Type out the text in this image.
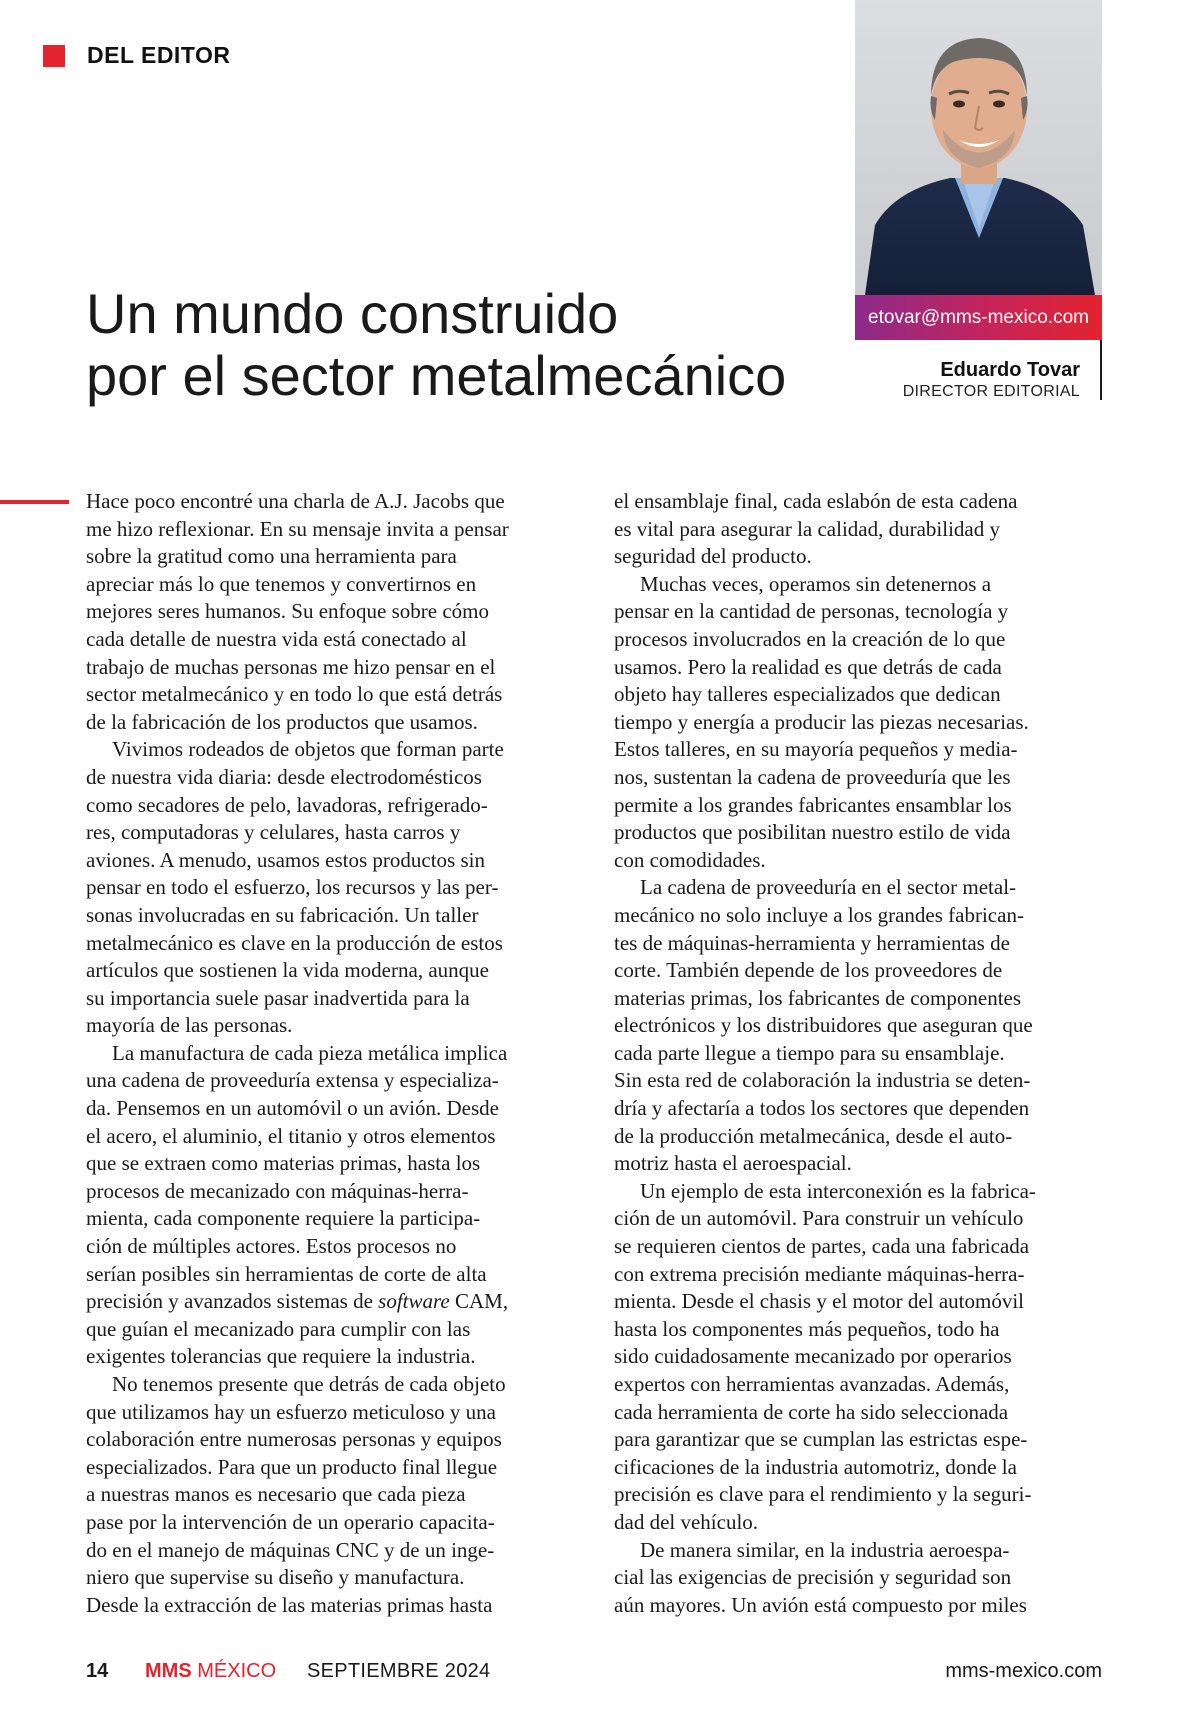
DEL EDITOR
Un mundo construido
por el sector metalmecánico
etovar@mms-mexico.com
Eduardo Tovar
DIRECTOR EDITORIAL

Hace poco encontré una charla de A.J. Jacobs que
me hizo reflexionar. En su mensaje invita a pensar
sobre la gratitud como una herramienta para
apreciar más lo que tenemos y convertirnos en
mejores seres humanos. Su enfoque sobre cómo
cada detalle de nuestra vida está conectado al
trabajo de muchas personas me hizo pensar en el
sector metalmecánico y en todo lo que está detrás
de la fabricación de los productos que usamos.

Vivimos rodeados de objetos que forman parte
de nuestra vida diaria: desde electrodomésticos
como secadores de pelo, lavadoras, refrigerado-
res, computadoras y celulares, hasta carros y
aviones. A menudo, usamos estos productos sin
pensar en todo el esfuerzo, los recursos y las per-
sonas involucradas en su fabricación. Un taller
metalmecánico es clave en la producción de estos
artículos que sostienen la vida moderna, aunque
su importancia suele pasar inadvertida para la
mayoría de las personas.

La manufactura de cada pieza metálica implica
una cadena de proveeduría extensa y especializa-
da. Pensemos en un automóvil o un avión. Desde
el acero, el aluminio, el titanio y otros elementos
que se extraen como materias primas, hasta los
procesos de mecanizado con máquinas-herra-
mienta, cada componente requiere la participa-
ción de múltiples actores. Estos procesos no
serían posibles sin herramientas de corte de alta
precisión y avanzados sistemas de software CAM,
que guían el mecanizado para cumplir con las
exigentes tolerancias que requiere la industria.

No tenemos presente que detrás de cada objeto
que utilizamos hay un esfuerzo meticuloso y una
colaboración entre numerosas personas y equipos
especializados. Para que un producto final llegue
a nuestras manos es necesario que cada pieza
pase por la intervención de un operario capacita-
do en el manejo de máquinas CNC y de un inge-
niero que supervise su diseño y manufactura.
Desde la extracción de las materias primas hasta

el ensamblaje final, cada eslabón de esta cadena
es vital para asegurar la calidad, durabilidad y
seguridad del producto.

Muchas veces, operamos sin detenernos a
pensar en la cantidad de personas, tecnología y
procesos involucrados en la creación de lo que
usamos. Pero la realidad es que detrás de cada
objeto hay talleres especializados que dedican
tiempo y energía a producir las piezas necesarias.
Estos talleres, en su mayoría pequeños y media-
nos, sustentan la cadena de proveeduría que les
permite a los grandes fabricantes ensamblar los
productos que posibilitan nuestro estilo de vida
con comodidades.

La cadena de proveeduría en el sector metal-
mecánico no solo incluye a los grandes fabrican-
tes de máquinas-herramienta y herramientas de
corte. También depende de los proveedores de
materias primas, los fabricantes de componentes
electrónicos y los distribuidores que aseguran que
cada parte llegue a tiempo para su ensamblaje.
Sin esta red de colaboración la industria se deten-
dría y afectaría a todos los sectores que dependen
de la producción metalmecánica, desde el auto-
motriz hasta el aeroespacial.

Un ejemplo de esta interconexión es la fabrica-
ción de un automóvil. Para construir un vehículo
se requieren cientos de partes, cada una fabricada
con extrema precisión mediante máquinas-herra-
mienta. Desde el chasis y el motor del automóvil
hasta los componentes más pequeños, todo ha
sido cuidadosamente mecanizado por operarios
expertos con herramientas avanzadas. Además,
cada herramienta de corte ha sido seleccionada
para garantizar que se cumplan las estrictas espe-
cificaciones de la industria automotriz, donde la
precisión es clave para el rendimiento y la seguri-
dad del vehículo.

De manera similar, en la industria aeroespa-
cial las exigencias de precisión y seguridad son
aún mayores. Un avión está compuesto por miles

14 MMS MÉXICO SEPTIEMBRE 2024	mms-mexico.com
